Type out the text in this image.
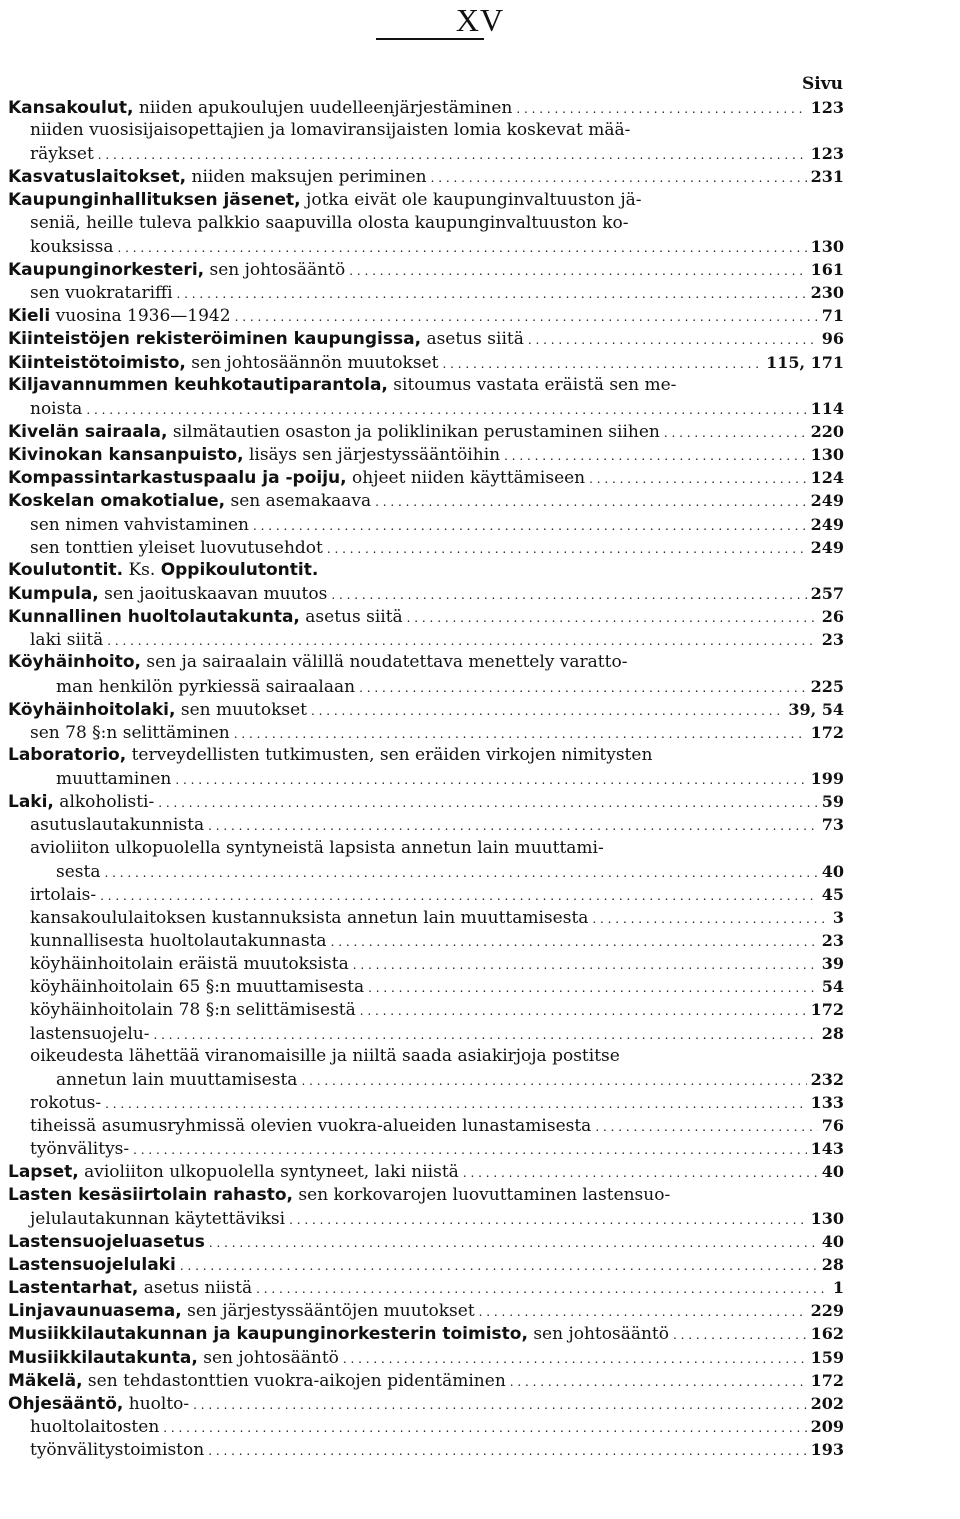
XV
Sivu
Kansakoulut, niiden apukoulujen uudelleenjärjestäminen . . .	123
niiden vuosisijaisopettajien ja lomaviransijaisten lomia koskevat mää-
räykset . . .	123
Kasvatuslaitokset, niiden maksujen periminen . . .	231
Kaupunginhallituksen jäsenet, jotka eivät ole kaupunginvaltuuston jä-
seniä, heille tuleva palkkio saapuvilla olosta kaupunginvaltuuston ko-
kouksissa . . .	130
Kaupunginorkesteri, sen johtosääntö . . .	161
sen vuokratariffi . . .	230
Kieli vuosina 1936—1942 . . .	71
Kiinteistöjen rekisteröiminen kaupungissa, asetus siitä . . .	96
Kiinteistötoimisto, sen johtosäännön muutokset . . .	115, 171
Kiljavannummen keuhkotautiparantola, sitoumus vastata eräistä sen me-
noista . . .	114
Kivelän sairaala, silmätautien osaston ja poliklinikan perustaminen siihen . . .	220
Kivinokan kansanpuisto, lisäys sen järjestyssääntöihin . . .	130
Kompassintarkastuspaalu ja -poiju, ohjeet niiden käyttämiseen . . .	124
Koskelan omakotialue, sen asemakaava . . .	249
sen nimen vahvistaminen . . .	249
sen tonttien yleiset luovutusehdot . . .	249
Koulutontit. Ks. Oppikoulutontit.
Kumpula, sen jaoituskaavan muutos . . .	257
Kunnallinen huoltolautakunta, asetus siitä . . .	26
laki siitä . . .	23
Köyhäinhoito, sen ja sairaalain välillä noudatettava menettely varatto-
man henkilön pyrkiessä sairaalaan . . .	225
Köyhäinhoitolaki, sen muutokset . . .	39, 54
sen 78 §:n selittäminen . . .	172
Laboratorio, terveydellisten tutkimusten, sen eräiden virkojen nimitysten
muuttaminen . . .	199
Laki, alkoholisti- . . .	59
asutuslautakunnista . . .	73
avioliiton ulkopuolella syntyneistä lapsista annetun lain muuttami-
sesta . . .	40
irtolais- . . .	45
kansakoululaitoksen kustannuksista annetun lain muuttamisesta . . .	3
kunnallisesta huoltolautakunnasta . . .	23
köyhäinhoitolain eräistä muutoksista . . .	39
köyhäinhoitolain 65 §:n muuttamisesta . . .	54
köyhäinhoitolain 78 §:n selittämisestä . . .	172
lastensuojelu- . . .	28
oikeudesta lähettää viranomaisille ja niiltä saada asiakirjoja postitse
annetun lain muuttamisesta . . .	232
rokotus- . . .	133
tiheissä asumusryhmissä olevien vuokra-alueiden lunastamisesta . . .	76
työnvälitys- . . .	143
Lapset, avioliiton ulkopuolella syntyneet, laki niistä . . .	40
Lasten kesäsiirtolain rahasto, sen korkovarojen luovuttaminen lastensuo-
jelulautakunnan käytettäviksi . . .	130
Lastensuojeluasetus . . .	40
Lastensuojelulaki . . .	28
Lastentarhat, asetus niistä . . .	1
Linjavaunuasema, sen järjestyssääntöjen muutokset . . .	229
Musiikkilautakunnan ja kaupunginorkesterin toimisto, sen johtosääntö . . .	162
Musiikkilautakunta, sen johtosääntö . . .	159
Mäkelä, sen tehdastonttien vuokra-aikojen pidentäminen . . .	172
Ohjesääntö, huolto- . . .	202
huoltolaitosten . . .	209
työnvälitystoimiston . . .	193
